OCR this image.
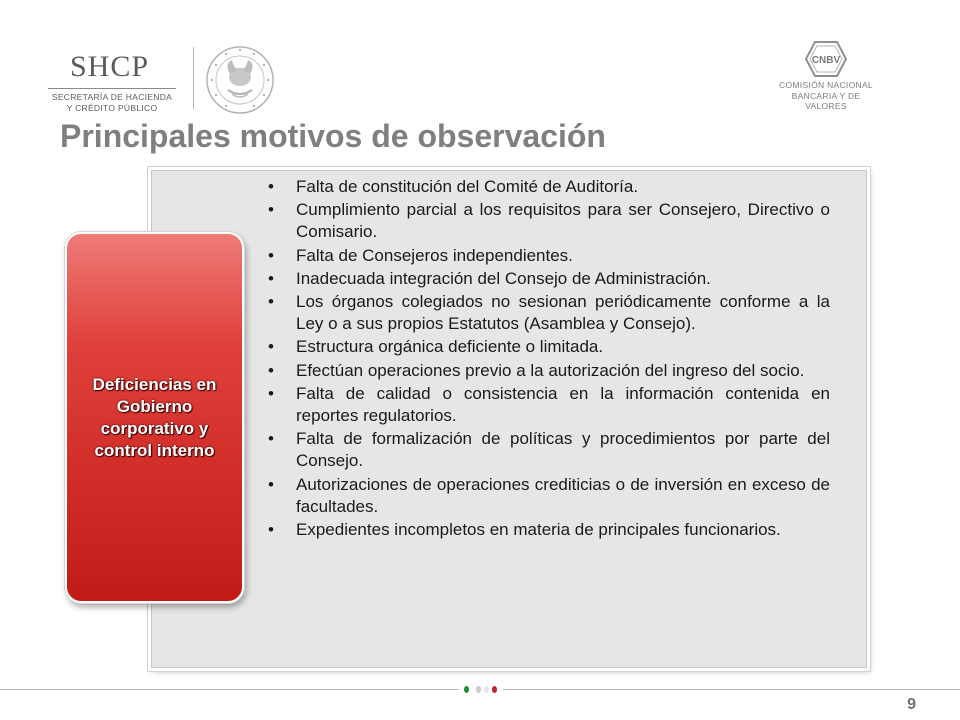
SHCP
SECRETARÍA DE HACIENDA
Y CRÉDITO PÚBLICO
CNBV
COMISIÓN NACIONAL
BANCARIA Y DE VALORES
Principales motivos de observación
Deficiencias en Gobierno corporativo y control interno
• Falta de constitución del Comité de Auditoría.
• Cumplimiento parcial a los requisitos para ser Consejero, Directivo o Comisario.
• Falta de Consejeros independientes.
• Inadecuada integración del Consejo de Administración.
• Los órganos colegiados no sesionan periódicamente conforme a la Ley o a sus propios Estatutos (Asamblea y Consejo).
• Estructura orgánica deficiente o limitada.
• Efectúan operaciones previo a la autorización del ingreso del socio.
• Falta de calidad o consistencia en la información contenida en reportes regulatorios.
• Falta de formalización de políticas y procedimientos por parte del Consejo.
• Autorizaciones de operaciones crediticias o de inversión en exceso de facultades.
• Expedientes incompletos en materia de principales funcionarios.
9
